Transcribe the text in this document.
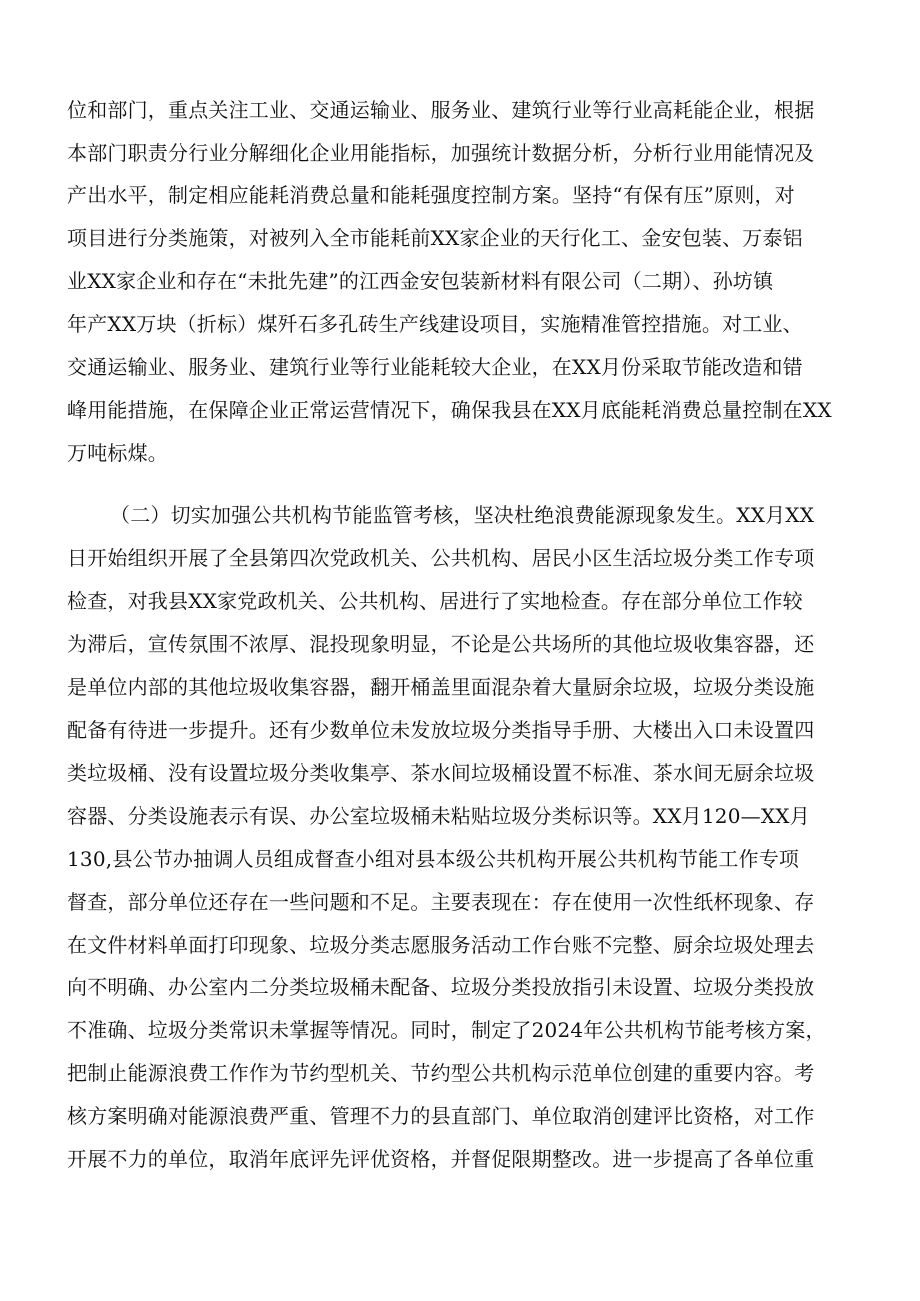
位和部门，重点关注工业、交通运输业、服务业、建筑行业等行业高耗能企业，根据
本部门职责分行业分解细化企业用能指标，加强统计数据分析，分析行业用能情况及
产出水平，制定相应能耗消费总量和能耗强度控制方案。坚持“有保有压”原则，对
项目进行分类施策，对被列入全市能耗前XX家企业的天行化工、金安包装、万泰铝
业XX家企业和存在“未批先建”的江西金安包装新材料有限公司（二期）、孙坊镇
年产XX万块（折标）煤歼石多孔砖生产线建设项目，实施精准管控措施。对工业、
交通运输业、服务业、建筑行业等行业能耗较大企业，在XX月份采取节能改造和错
峰用能措施，在保障企业正常运营情况下，确保我县在XX月底能耗消费总量控制在XX
万吨标煤。
（二）切实加强公共机构节能监管考核，坚决杜绝浪费能源现象发生。XX月XX
日开始组织开展了全县第四次党政机关、公共机构、居民小区生活垃圾分类工作专项
检查，对我县XX家党政机关、公共机构、居进行了实地检查。存在部分单位工作较
为滞后，宣传氛围不浓厚、混投现象明显，不论是公共场所的其他垃圾收集容器，还
是单位内部的其他垃圾收集容器，翻开桶盖里面混杂着大量厨余垃圾，垃圾分类设施
配备有待进一步提升。还有少数单位未发放垃圾分类指导手册、大楼出入口未设置四
类垃圾桶、没有设置垃圾分类收集亭、茶水间垃圾桶设置不标准、茶水间无厨余垃圾
容器、分类设施表示有误、办公室垃圾桶未粘贴垃圾分类标识等。XX月120—XX月
130,县公节办抽调人员组成督查小组对县本级公共机构开展公共机构节能工作专项
督查，部分单位还存在一些问题和不足。主要表现在：存在使用一次性纸杯现象、存
在文件材料单面打印现象、垃圾分类志愿服务活动工作台账不完整、厨余垃圾处理去
向不明确、办公室内二分类垃圾桶未配备、垃圾分类投放指引未设置、垃圾分类投放
不准确、垃圾分类常识未掌握等情况。同时，制定了2024年公共机构节能考核方案，
把制止能源浪费工作作为节约型机关、节约型公共机构示范单位创建的重要内容。考
核方案明确对能源浪费严重、管理不力的县直部门、单位取消创建评比资格，对工作
开展不力的单位，取消年底评先评优资格，并督促限期整改。进一步提高了各单位重
